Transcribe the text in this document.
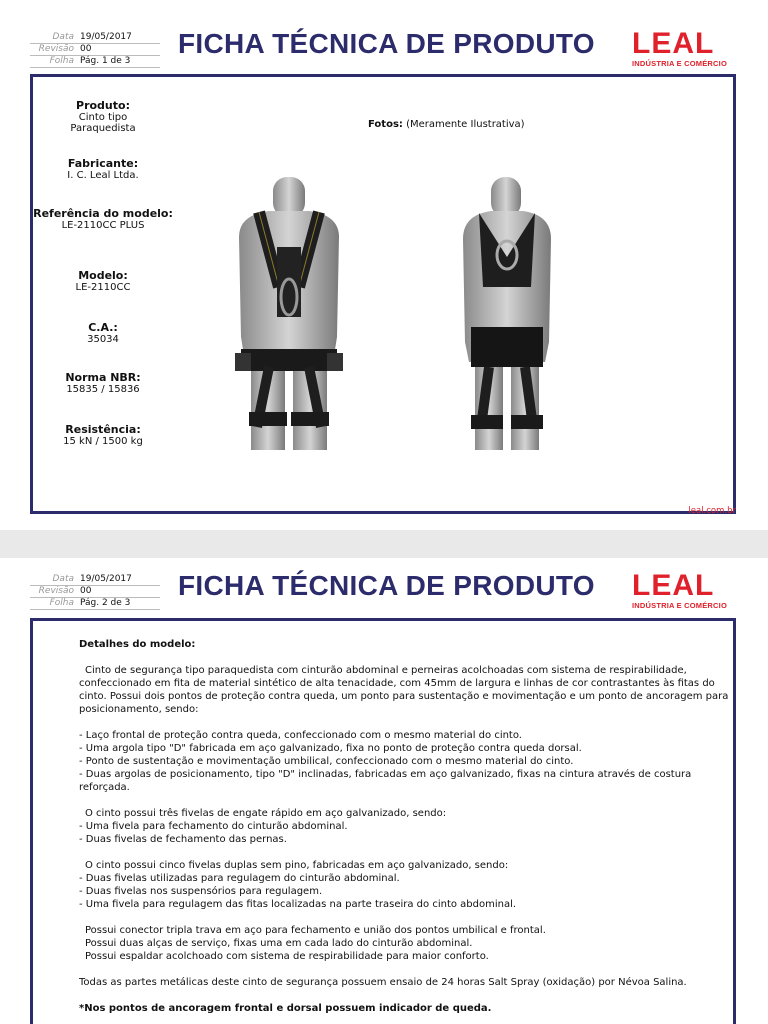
Data 19/05/2017
Revisão 00
Folha Pág. 1 de 3
FICHA TÉCNICA DE PRODUTO LEAL
INDÚSTRIA E COMÉRCIO
Produto:
Cinto tipo
Paraquedista
Fabricante:
I. C. Leal Ltda.
Referência do modelo:
LE-2110CC PLUS
Modelo:
LE-2110CC
C.A.:
35034
Norma NBR:
15835 / 15836
Resistência:
15 kN / 1500 kg
Fotos: (Meramente Ilustrativa)
leal.com.br
Data 19/05/2017
Revisão 00
Folha Pág. 2 de 3
FICHA TÉCNICA DE PRODUTO LEAL
INDÚSTRIA E COMÉRCIO

Detalhes do modelo:

Cinto de segurança tipo paraquedista com cinturão abdominal e perneiras acolchoadas com sistema de respirabilidade, confeccionado em fita de material sintético de alta tenacidade, com 45mm de largura e linhas de cor contrastantes às fitas do cinto. Possui dois pontos de proteção contra queda, um ponto para sustentação e movimentação e um ponto de ancoragem para posicionamento, sendo:

- Laço frontal de proteção contra queda, confeccionado com o mesmo material do cinto.

- Uma argola tipo "D" fabricada em aço galvanizado, fixa no ponto de proteção contra queda dorsal.

- Ponto de sustentação e movimentação umbilical, confeccionado com o mesmo material do cinto.

- Duas argolas de posicionamento, tipo "D" inclinadas, fabricadas em aço galvanizado, fixas na cintura através de costura reforçada.

O cinto possui três fivelas de engate rápido em aço galvanizado, sendo:

- Uma fivela para fechamento do cinturão abdominal.

- Duas fivelas de fechamento das pernas.

O cinto possui cinco fivelas duplas sem pino, fabricadas em aço galvanizado, sendo:

- Duas fivelas utilizadas para regulagem do cinturão abdominal.

- Duas fivelas nos suspensórios para regulagem.

- Uma fivela para regulagem das fitas localizadas na parte traseira do cinto abdominal.

Possui conector tripla trava em aço para fechamento e união dos pontos umbilical e frontal.

Possui duas alças de serviço, fixas uma em cada lado do cinturão abdominal.

Possui espaldar acolchoado com sistema de respirabilidade para maior conforto.

Todas as partes metálicas deste cinto de segurança possuem ensaio de 24 horas Salt Spray (oxidação) por Névoa Salina.

*Nos pontos de ancoragem frontal e dorsal possuem indicador de queda.
